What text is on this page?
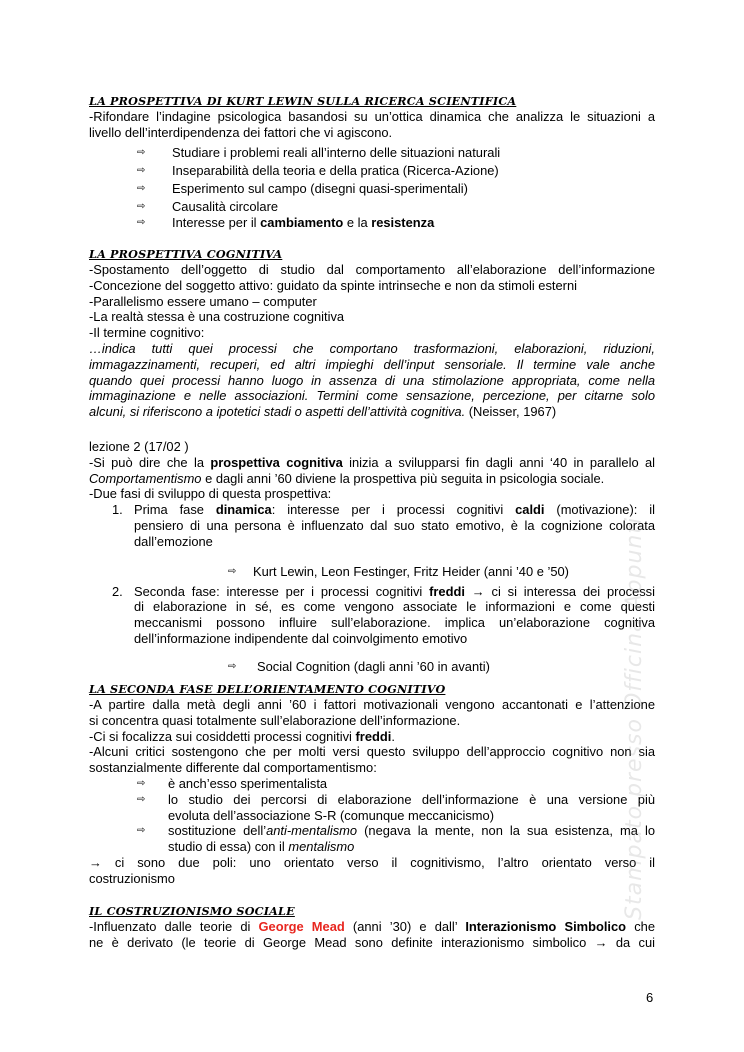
LA PROSPETTIVA DI KURT LEWIN SULLA RICERCA SCIENTIFICA
-Rifondare l’indagine psicologica basandosi su un’ottica dinamica che analizza le situazioni a
livello dell’interdipendenza dei fattori che vi agiscono.
⇨ Studiare i problemi reali all’interno delle situazioni naturali
⇨ Inseparabilità della teoria e della pratica (Ricerca-Azione)
⇨ Esperimento sul campo (disegni quasi-sperimentali)
⇨ Causalità circolare
⇨ Interesse per il cambiamento e la resistenza
LA PROSPETTIVA COGNITIVA
-Spostamento dell’oggetto di studio dal comportamento all’elaborazione dell’informazione
-Concezione del soggetto attivo: guidato da spinte intrinseche e non da stimoli esterni
-Parallelismo essere umano – computer
-La realtà stessa è una costruzione cognitiva
-Il termine cognitivo:
…indica tutti quei processi che comportano trasformazioni, elaborazioni, riduzioni,
immagazzinamenti, recuperi, ed altri impieghi dell’input sensoriale. Il termine vale anche
quando quei processi hanno luogo in assenza di una stimolazione appropriata, come nella
immaginazione e nelle associazioni. Termini come sensazione, percezione, per citarne solo
alcuni, si riferiscono a ipotetici stadi o aspetti dell’attività cognitiva. (Neisser, 1967)
lezione 2 (17/02 )
-Si può dire che la prospettiva cognitiva inizia a svilupparsi fin dagli anni ‘40 in parallelo al
Comportamentismo e dagli anni ’60 diviene la prospettiva più seguita in psicologia sociale.
-Due fasi di sviluppo di questa prospettiva:
1. Prima fase dinamica: interesse per i processi cognitivi caldi (motivazione): il
pensiero di una persona è influenzato dal suo stato emotivo, è la cognizione colorata
dall’emozione
⇨ Kurt Lewin, Leon Festinger, Fritz Heider (anni ’40 e ’50)
2. Seconda fase: interesse per i processi cognitivi freddi → ci si interessa dei processi
di elaborazione in sé, es come vengono associate le informazioni e come questi
meccanismi possono influire sull’elaborazione. implica un’elaborazione cognitiva
dell’informazione indipendente dal coinvolgimento emotivo
⇨ Social Cognition (dagli anni ’60 in avanti)
LA SECONDA FASE DELL’ORIENTAMENTO COGNITIVO
-A partire dalla metà degli anni ’60 i fattori motivazionali vengono accantonati e l’attenzione
si concentra quasi totalmente sull’elaborazione dell’informazione.
-Ci si focalizza sui cosiddetti processi cognitivi freddi.
-Alcuni critici sostengono che per molti versi questo sviluppo dell’approccio cognitivo non sia
sostanzialmente differente dal comportamentismo:
⇨ è anch’esso sperimentalista
⇨ lo studio dei percorsi di elaborazione dell’informazione è una versione più
evoluta dell’associazione S-R (comunque meccanicismo)
⇨ sostituzione dell’anti-mentalismo (negava la mente, non la sua esistenza, ma lo
studio di essa) con il mentalismo
→ ci sono due poli: uno orientato verso il cognitivismo, l’altro orientato verso il
costruzionismo
IL COSTRUZIONISMO SOCIALE
-Influenzato dalle teorie di George Mead (anni ’30) e dall’ Interazionismo Simbolico che
ne è derivato (le teorie di George Mead sono definite interazionismo simbolico → da cui
Stampato presso Officina Appunti
6
